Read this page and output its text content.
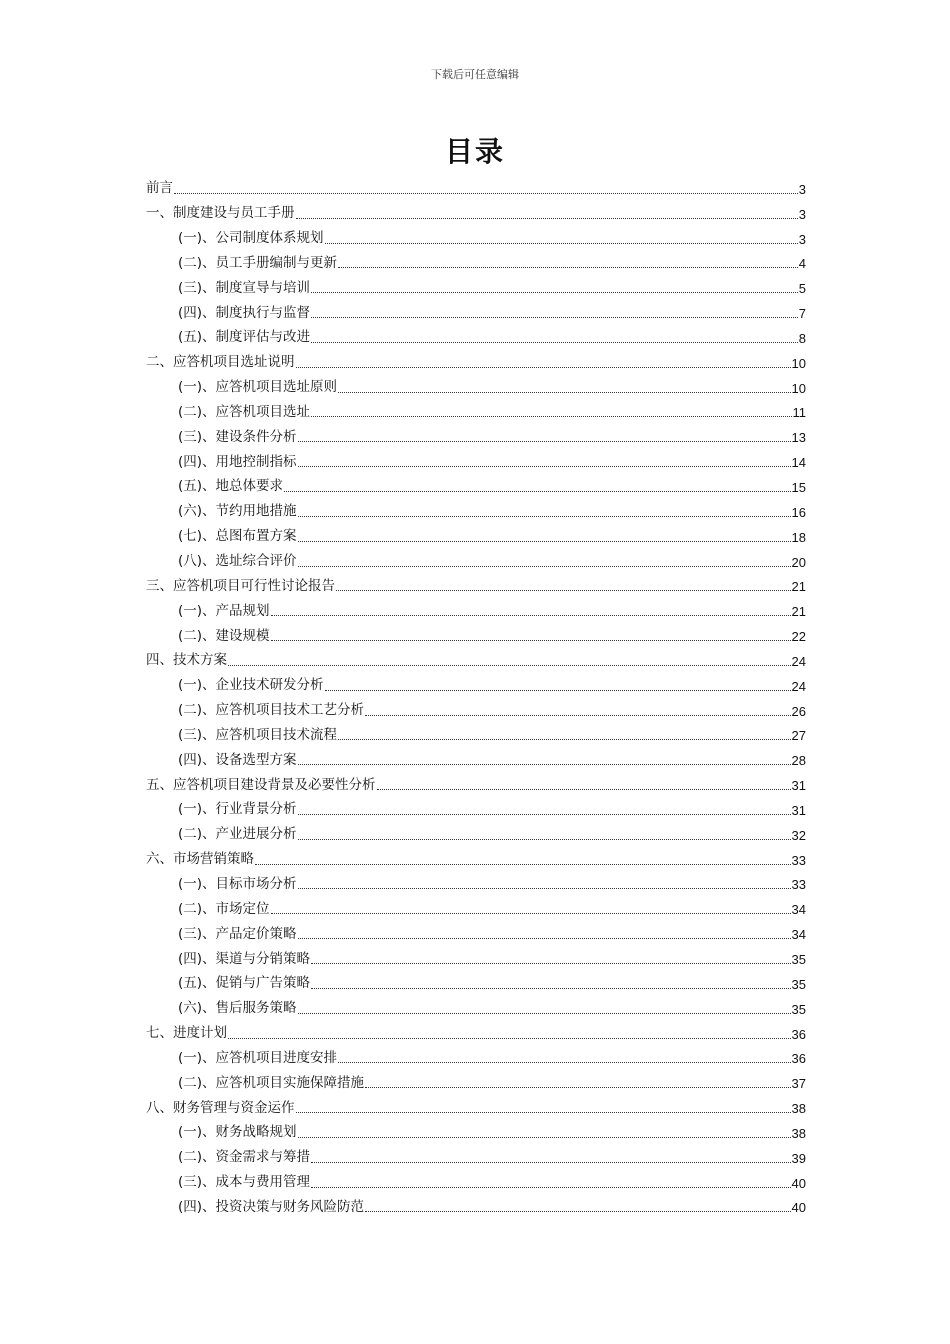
下载后可任意编辑
目录
前言	3
一、制度建设与员工手册	3
(一)、公司制度体系规划	3
(二)、员工手册编制与更新	4
(三)、制度宣导与培训	5
(四)、制度执行与监督	7
(五)、制度评估与改进	8
二、应答机项目选址说明	10
(一)、应答机项目选址原则	10
(二)、应答机项目选址	11
(三)、建设条件分析	13
(四)、用地控制指标	14
(五)、地总体要求	15
(六)、节约用地措施	16
(七)、总图布置方案	18
(八)、选址综合评价	20
三、应答机项目可行性讨论报告	21
(一)、产品规划	21
(二)、建设规模	22
四、技术方案	24
(一)、企业技术研发分析	24
(二)、应答机项目技术工艺分析	26
(三)、应答机项目技术流程	27
(四)、设备选型方案	28
五、应答机项目建设背景及必要性分析	31
(一)、行业背景分析	31
(二)、产业进展分析	32
六、市场营销策略	33
(一)、目标市场分析	33
(二)、市场定位	34
(三)、产品定价策略	34
(四)、渠道与分销策略	35
(五)、促销与广告策略	35
(六)、售后服务策略	35
七、进度计划	36
(一)、应答机项目进度安排	36
(二)、应答机项目实施保障措施	37
八、财务管理与资金运作	38
(一)、财务战略规划	38
(二)、资金需求与筹措	39
(三)、成本与费用管理	40
(四)、投资决策与财务风险防范	40
